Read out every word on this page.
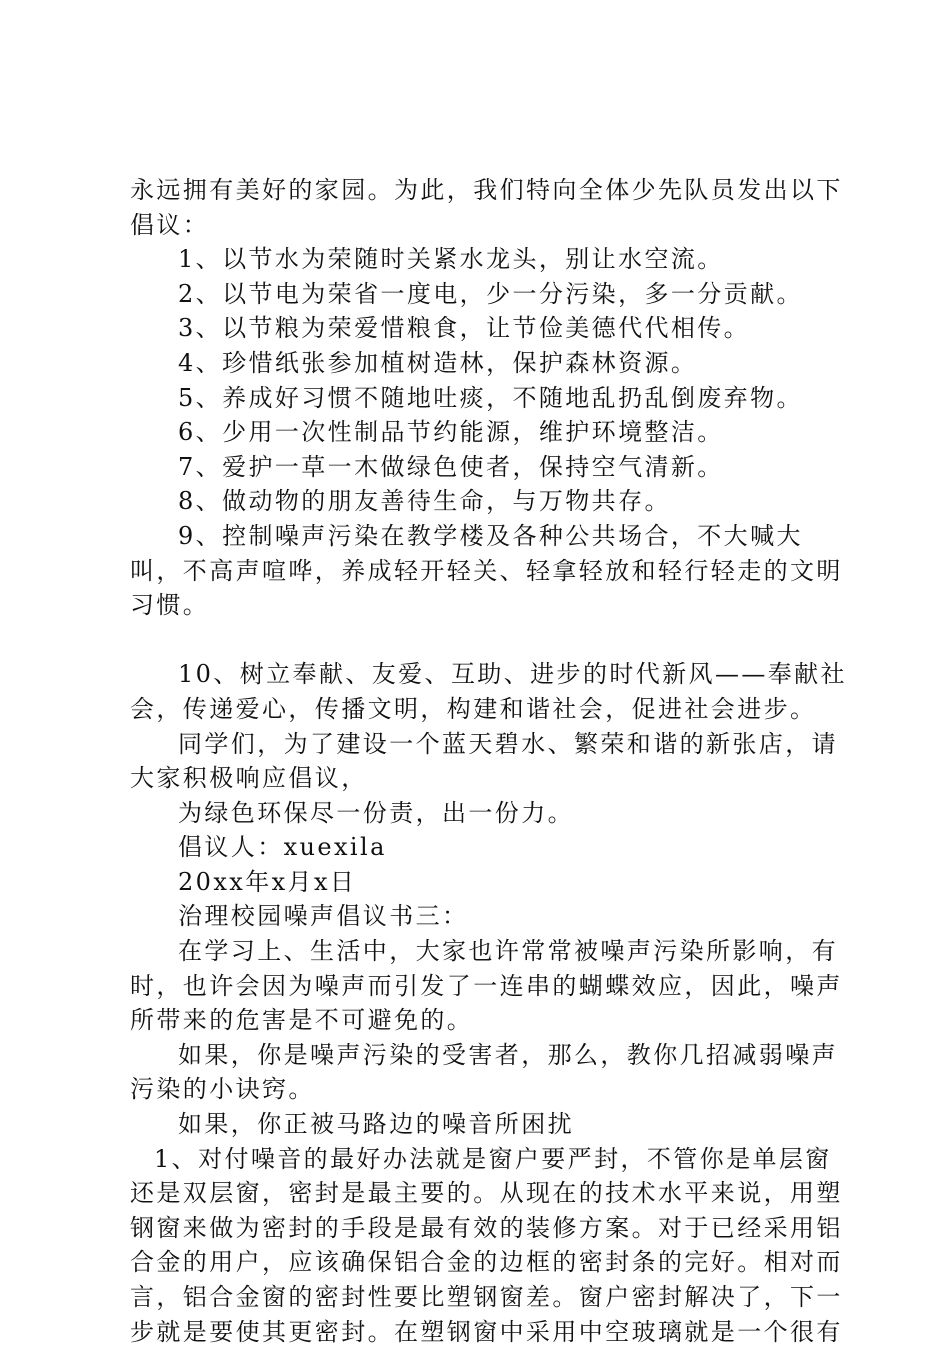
永远拥有美好的家园。为此，我们特向全体少先队员发出以下倡议：

1、以节水为荣随时关紧水龙头，别让水空流。

2、以节电为荣省一度电，少一分污染，多一分贡献。

3、以节粮为荣爱惜粮食，让节俭美德代代相传。

4、珍惜纸张参加植树造林，保护森林资源。

5、养成好习惯不随地吐痰，不随地乱扔乱倒废弃物。

6、少用一次性制品节约能源，维护环境整洁。

7、爱护一草一木做绿色使者，保持空气清新。

8、做动物的朋友善待生命，与万物共存。

9、控制噪声污染在教学楼及各种公共场合，不大喊大叫，不高声喧哗，养成轻开轻关、轻拿轻放和轻行轻走的文明习惯。

10、树立奉献、友爱、互助、进步的时代新风——奉献社会，传递爱心，传播文明，构建和谐社会，促进社会进步。

同学们，为了建设一个蓝天碧水、繁荣和谐的新张店，请大家积极响应倡议，

为绿色环保尽一份责，出一份力。

倡议人：xuexila

20xx年x月x日

治理校园噪声倡议书三：

在学习上、生活中，大家也许常常被噪声污染所影响，有时，也许会因为噪声而引发了一连串的蝴蝶效应，因此，噪声所带来的危害是不可避免的。

如果，你是噪声污染的受害者，那么，教你几招减弱噪声污染的小诀窍。

如果，你正被马路边的噪音所困扰

1、对付噪音的最好办法就是窗户要严封，不管你是单层窗还是双层窗，密封是最主要的。从现在的技术水平来说，用塑钢窗来做为密封的手段是最有效的装修方案。对于已经采用铝合金的用户，应该确保铝合金的边框的密封条的完好。相对而言，铝合金窗的密封性要比塑钢窗差。窗户密封解决了，下一步就是要使其更密封。在塑钢窗中采用中空玻璃就是一个很有
